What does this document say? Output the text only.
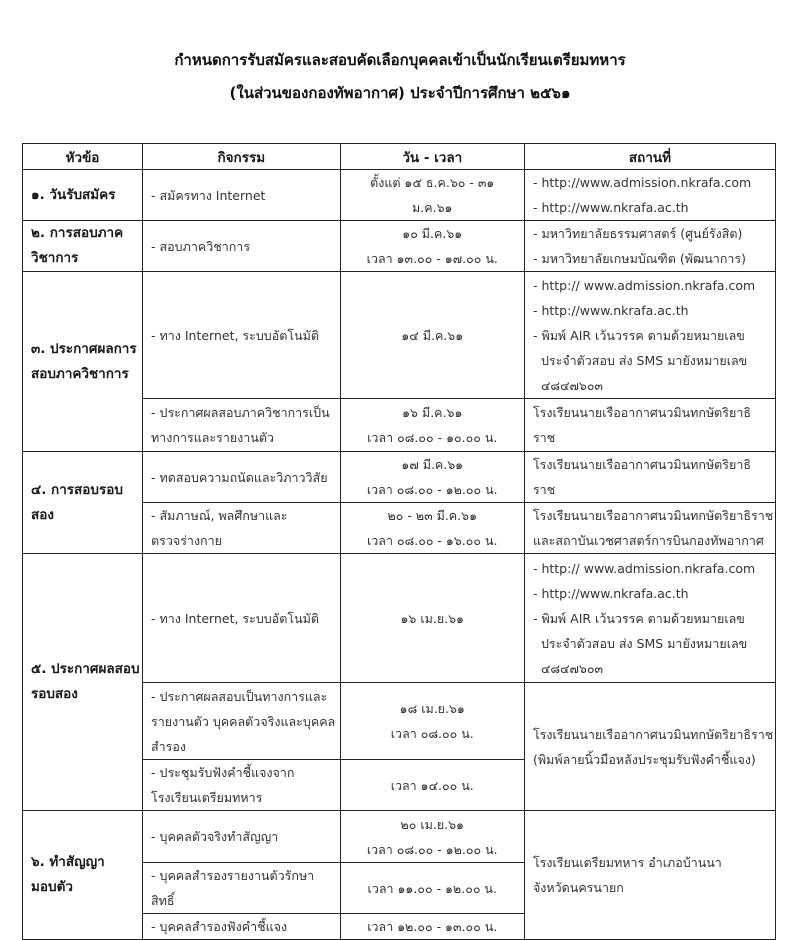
กำหนดการรับสมัครและสอบคัดเลือกบุคคลเข้าเป็นนักเรียนเตรียมทหาร
(ในส่วนของกองทัพอากาศ) ประจำปีการศึกษา ๒๕๖๑
หัวข้อ	กิจกรรม	วัน - เวลา	สถานที่
๑. วันรับสมัคร	- สมัครทาง Internet	ตั้งแต่ ๑๕ ธ.ค.๖๐ - ๓๑ ม.ค.๖๑	- http://www.admission.nkrafa.com
- http://www.nkrafa.ac.th

๒. การสอบภาค
วิชาการ	- สอบภาควิชาการ	๑๐ มี.ค.๖๑
เวลา ๑๓.๐๐ - ๑๗.๐๐ น.	- มหาวิทยาลัยธรรมศาสตร์ (ศูนย์รังสิต)
- มหาวิทยาลัยเกษมบัณฑิต (พัฒนาการ)

๓. ประกาศผลการ
สอบภาควิชาการ	- ทาง Internet, ระบบอัตโนมัติ	๑๔ มี.ค.๖๑	- http:// www.admission.nkrafa.com
- http://www.nkrafa.ac.th
- พิมพ์ AIR เว้นวรรค ตามด้วยหมายเลข
ประจำตัวสอบ ส่ง SMS มายังหมายเลข
๔๘๔๗๖๐๓

	- ประกาศผลสอบภาควิชาการเป็น
ทางการและรายงานตัว	๑๖ มี.ค.๖๑
เวลา ๐๘.๐๐ - ๑๐.๐๐ น.	โรงเรียนนายเรืออากาศนวมินทกษัตริยาธิราช
๔. การสอบรอบสอง	- ทดสอบความถนัดและวิภาววิสัย	๑๗ มี.ค.๖๑
เวลา ๐๘.๐๐ - ๑๒.๐๐ น.	โรงเรียนนายเรืออากาศนวมินทกษัตริยาธิราช

	- สัมภาษณ์, พลศึกษาและ
ตรวจร่างกาย	๒๐ - ๒๓ มี.ค.๖๑
เวลา ๐๘.๐๐ - ๑๖.๐๐ น.	โรงเรียนนายเรืออากาศนวมินทกษัตริยาธิราช
และสถาบันเวชศาสตร์การบินกองทัพอากาศ

๕. ประกาศผลสอบ
รอบสอง	- ทาง Internet, ระบบอัตโนมัติ	๑๖ เม.ย.๖๑	- http:// www.admission.nkrafa.com
- http://www.nkrafa.ac.th
- พิมพ์ AIR เว้นวรรค ตามด้วยหมายเลข
ประจำตัวสอบ ส่ง SMS มายังหมายเลข
๔๘๔๗๖๐๓

	- ประกาศผลสอบเป็นทางการและ
รายงานตัว บุคคลตัวจริงและบุคคล
สำรอง	๑๘ เม.ย.๖๑
เวลา ๐๘.๐๐ น.	โรงเรียนนายเรืออากาศนวมินทกษัตริยาธิราช
(พิมพ์ลายนิ้วมือหลังประชุมรับฟังคำชี้แจง)

	- ประชุมรับฟังคำชี้แจงจาก
โรงเรียนเตรียมทหาร	เวลา ๑๔.๐๐ น.	
๖. ทำสัญญามอบตัว	- บุคคลตัวจริงทำสัญญา	๒๐ เม.ย.๖๑
เวลา ๐๘.๐๐ - ๑๒.๐๐ น.	โรงเรียนเตรียมทหาร อำเภอบ้านนา
จังหวัดนครนายก

	- บุคคลสำรองรายงานตัวรักษาสิทธิ์	เวลา ๑๑.๐๐ - ๑๒.๐๐ น.	
	- บุคคลสำรองฟังคำชี้แจง	เวลา ๑๒.๐๐ - ๑๓.๐๐ น.	
